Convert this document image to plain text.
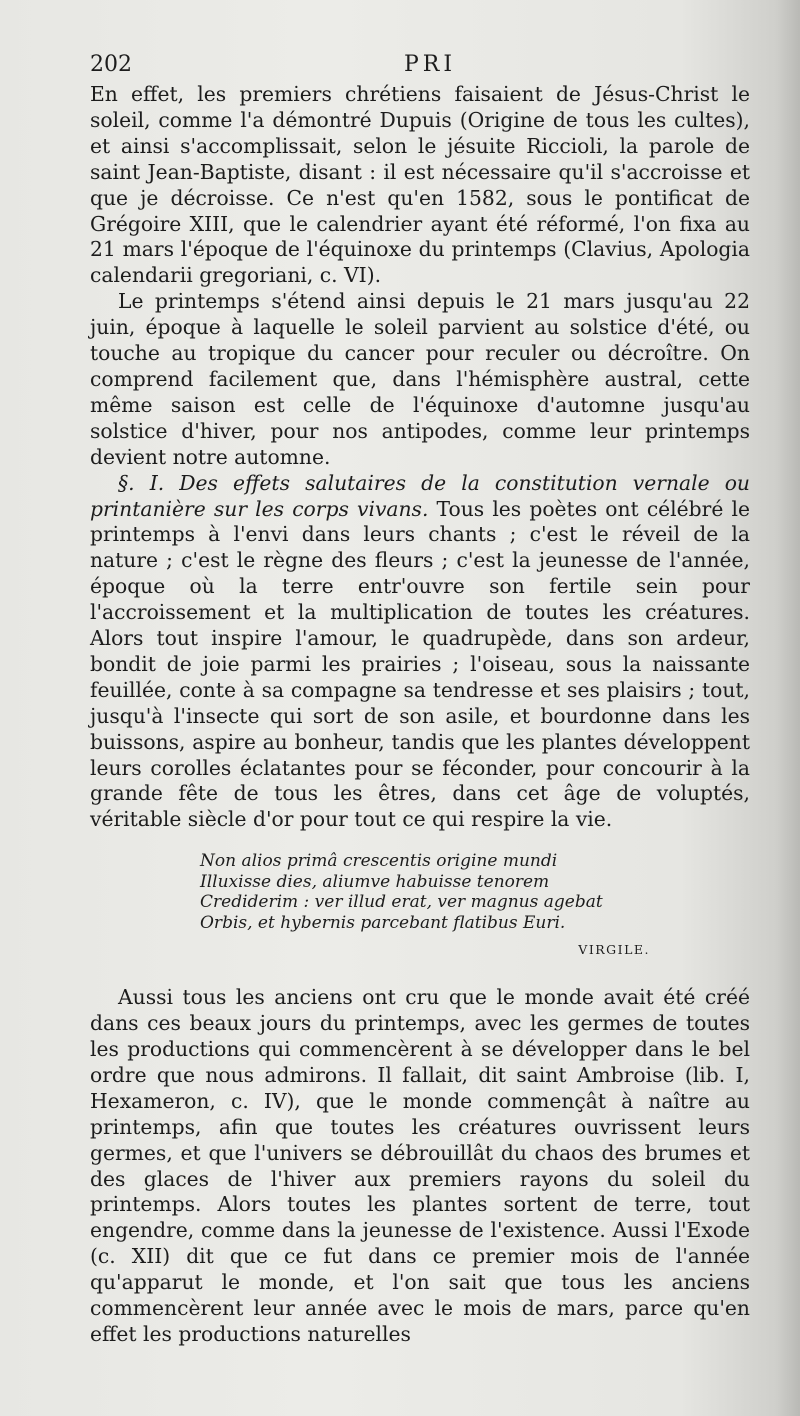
202	PRI

En effet, les premiers chrétiens faisaient de Jésus-Christ le soleil, comme l'a démontré Dupuis (Origine de tous les cultes), et ainsi s'accomplissait, selon le jésuite Riccioli, la parole de saint Jean-Baptiste, disant : il est nécessaire qu'il s'accroisse et que je décroisse. Ce n'est qu'en 1582, sous le pontificat de Grégoire XIII, que le calendrier ayant été réformé, l'on fixa au 21 mars l'époque de l'équinoxe du printemps (Clavius, Apologia calendarii gregoriani, c. VI).

Le printemps s'étend ainsi depuis le 21 mars jusqu'au 22 juin, époque à laquelle le soleil parvient au solstice d'été, ou touche au tropique du cancer pour reculer ou décroître. On comprend facilement que, dans l'hémisphère austral, cette même saison est celle de l'équinoxe d'automne jusqu'au solstice d'hiver, pour nos antipodes, comme leur printemps devient notre automne.

§. I. Des effets salutaires de la constitution vernale ou printanière sur les corps vivans. Tous les poètes ont célébré le printemps à l'envi dans leurs chants ; c'est le réveil de la nature ; c'est le règne des fleurs ; c'est la jeunesse de l'année, époque où la terre entr'ouvre son fertile sein pour l'accroissement et la multiplication de toutes les créatures. Alors tout inspire l'amour, le quadrupède, dans son ardeur, bondit de joie parmi les prairies ; l'oiseau, sous la naissante feuillée, conte à sa compagne sa tendresse et ses plaisirs ; tout, jusqu'à l'insecte qui sort de son asile, et bourdonne dans les buissons, aspire au bonheur, tandis que les plantes développent leurs corolles éclatantes pour se féconder, pour concourir à la grande fête de tous les êtres, dans cet âge de voluptés, véritable siècle d'or pour tout ce qui respire la vie.

Non alios primâ crescentis origine mundi
Illuxisse dies, aliumve habuisse tenorem
Crediderim : ver illud erat, ver magnus agebat
Orbis, et hybernis parcebant flatibus Euri.
VIRGILE.

Aussi tous les anciens ont cru que le monde avait été créé dans ces beaux jours du printemps, avec les germes de toutes les productions qui commencèrent à se développer dans le bel ordre que nous admirons. Il fallait, dit saint Ambroise (lib. I, Hexameron, c. IV), que le monde commençât à naître au printemps, afin que toutes les créatures ouvrissent leurs germes, et que l'univers se débrouillât du chaos des brumes et des glaces de l'hiver aux premiers rayons du soleil du printemps. Alors toutes les plantes sortent de terre, tout engendre, comme dans la jeunesse de l'existence. Aussi l'Exode (c. XII) dit que ce fut dans ce premier mois de l'année qu'apparut le monde, et l'on sait que tous les anciens commencèrent leur année avec le mois de mars, parce qu'en effet les productions naturelles
